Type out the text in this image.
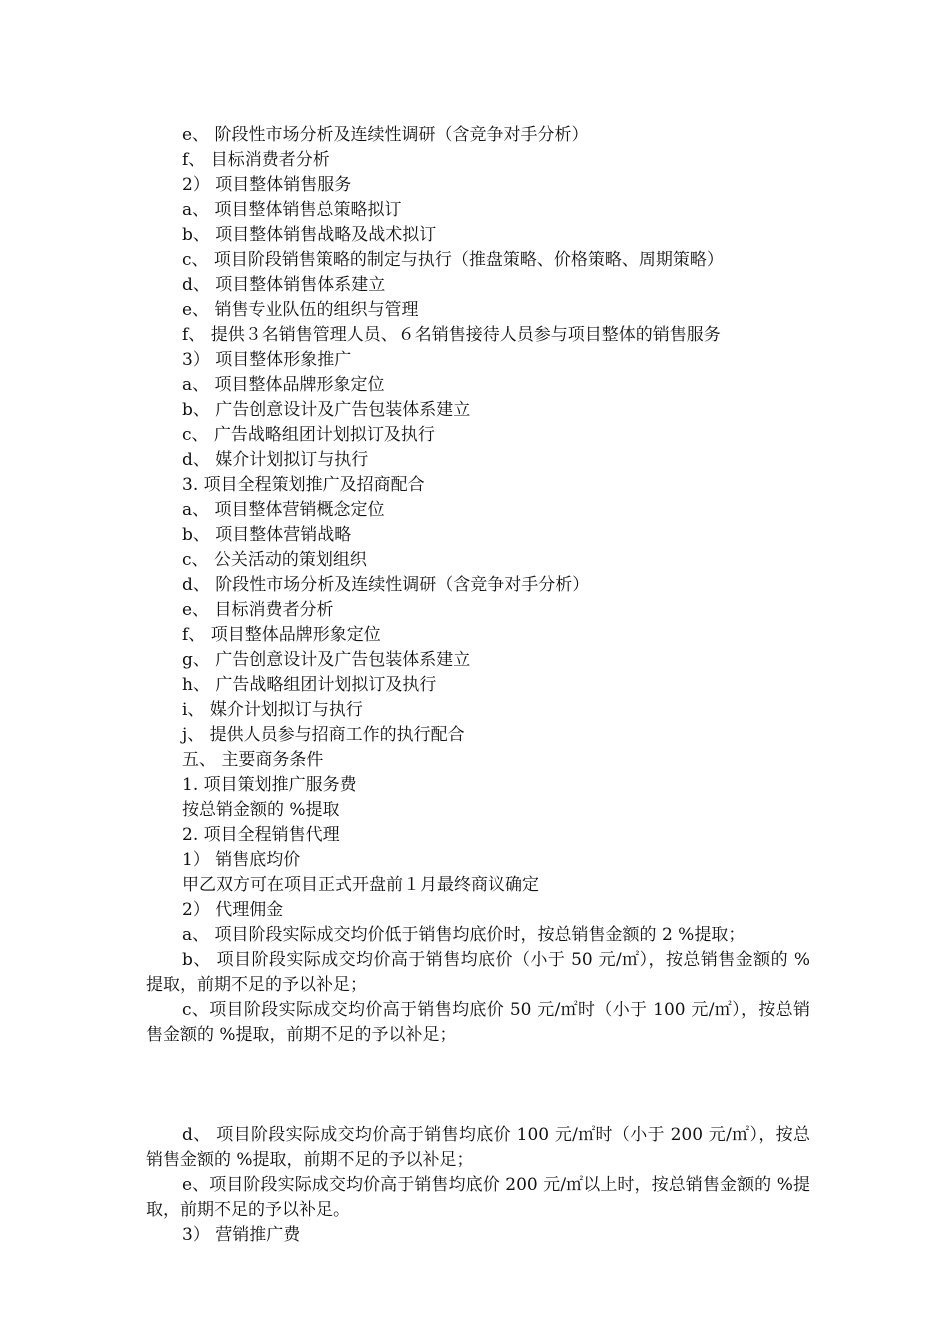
e、 阶段性市场分析及连续性调研（含竞争对手分析）
f、 目标消费者分析
2） 项目整体销售服务
a、 项目整体销售总策略拟订
b、 项目整体销售战略及战术拟订
c、 项目阶段销售策略的制定与执行（推盘策略、价格策略、周期策略）
d、 项目整体销售体系建立
e、 销售专业队伍的组织与管理
f、 提供３名销售管理人员、６名销售接待人员参与项目整体的销售服务
3） 项目整体形象推广
a、 项目整体品牌形象定位
b、 广告创意设计及广告包装体系建立
c、 广告战略组团计划拟订及执行
d、 媒介计划拟订与执行
3. 项目全程策划推广及招商配合
a、 项目整体营销概念定位
b、 项目整体营销战略
c、 公关活动的策划组织
d、 阶段性市场分析及连续性调研（含竞争对手分析）
e、 目标消费者分析
f、 项目整体品牌形象定位
g、 广告创意设计及广告包装体系建立
h、 广告战略组团计划拟订及执行
i、 媒介计划拟订与执行
j、 提供人员参与招商工作的执行配合
五、 主要商务条件
1. 项目策划推广服务费
按总销金额的 %提取
2. 项目全程销售代理
1） 销售底均价
甲乙双方可在项目正式开盘前１月最终商议确定
2） 代理佣金
a、 项目阶段实际成交均价低于销售均底价时，按总销售金额的 2 %提取；
b、 项目阶段实际成交均价高于销售均底价（小于 50 元/㎡），按总销售金额的 %提取，前期不足的予以补足；
c、项目阶段实际成交均价高于销售均底价 50 元/㎡时（小于 100 元/㎡），按总销售金额的 %提取，前期不足的予以补足；
d、 项目阶段实际成交均价高于销售均底价 100 元/㎡时（小于 200 元/㎡），按总销售金额的 %提取，前期不足的予以补足；
e、项目阶段实际成交均价高于销售均底价 200 元/㎡以上时，按总销售金额的 %提取，前期不足的予以补足。
3） 营销推广费
